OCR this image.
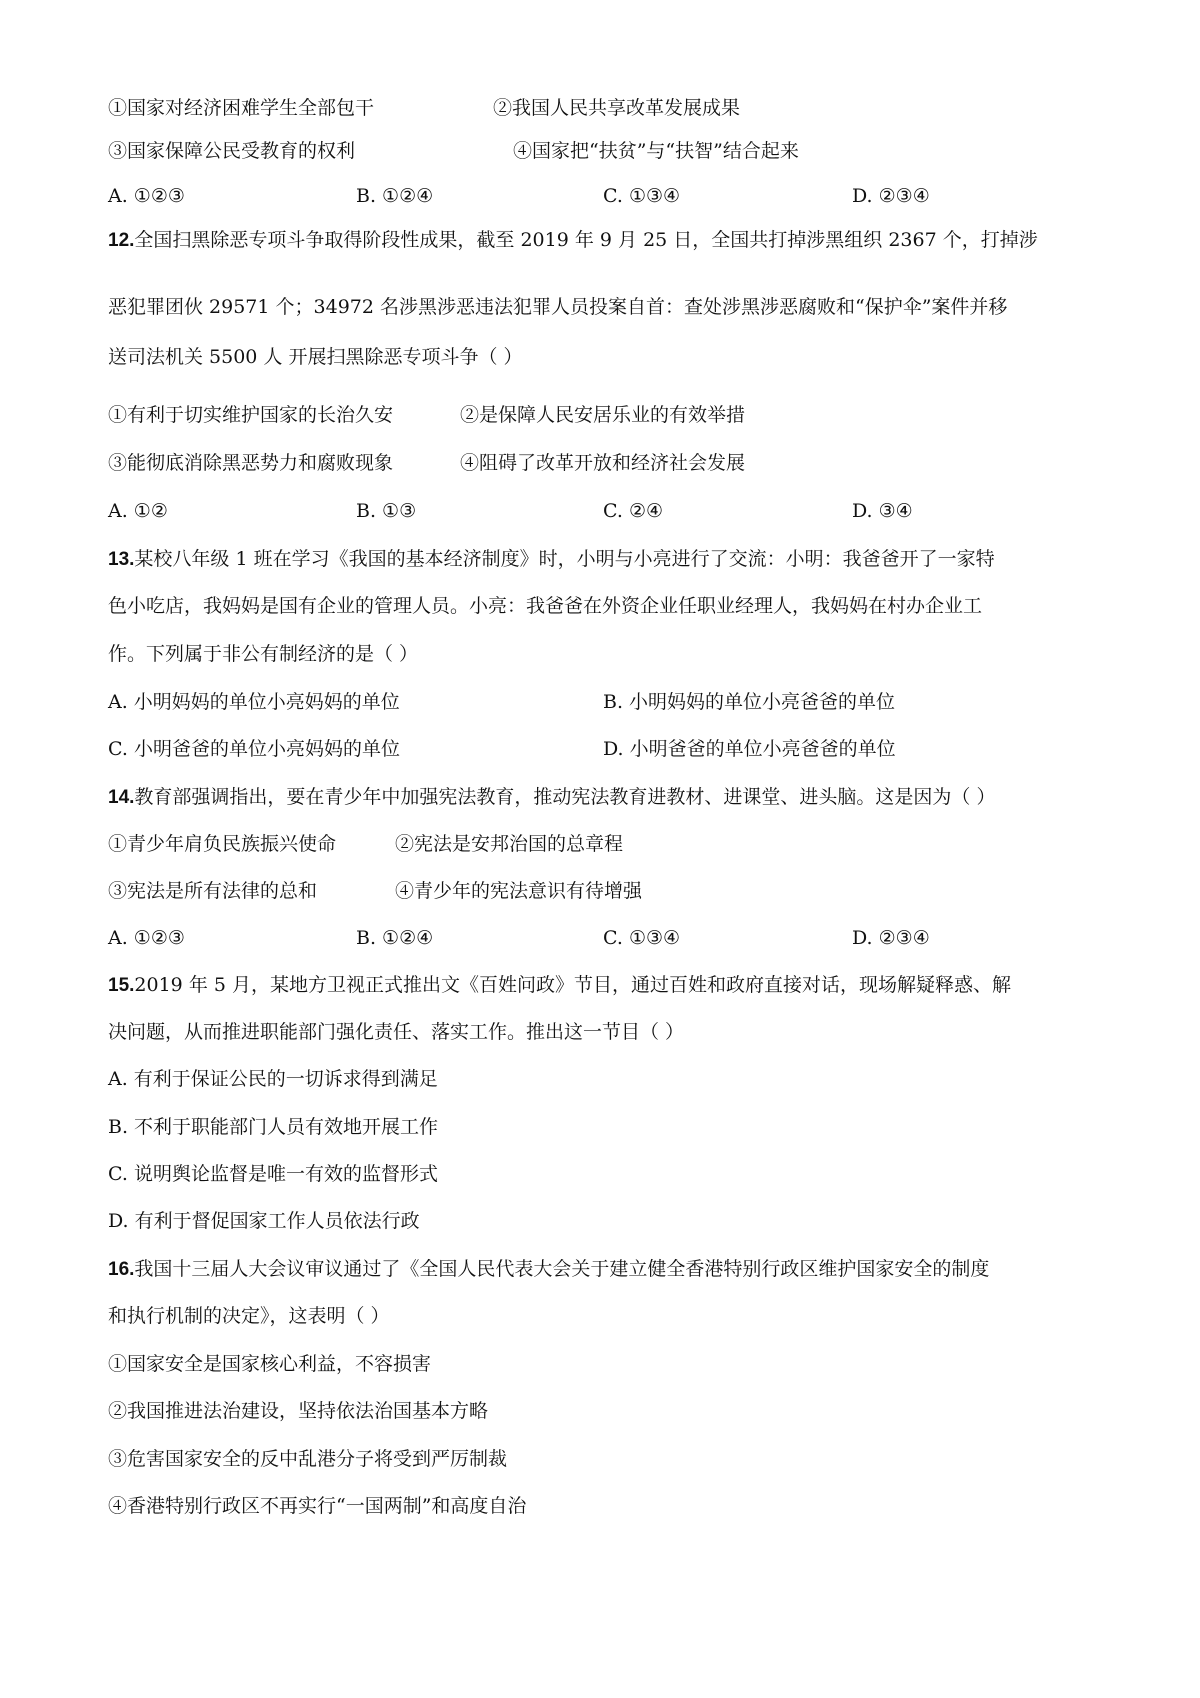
①国家对经济困难学生全部包干	②我国人民共享改革发展成果
③国家保障公民受教育的权利	④国家把“扶贫”与“扶智”结合起来
A. ①②③	B. ①②④	C. ①③④	D. ②③④
12.全国扫黑除恶专项斗争取得阶段性成果，截至 2019 年 9 月 25 日，全国共打掉涉黑组织 2367 个，打掉涉
恶犯罪团伙 29571 个；34972 名涉黑涉恶违法犯罪人员投案自首：查处涉黑涉恶腐败和“保护伞”案件并移
送司法机关 5500 人 开展扫黑除恶专项斗争（ ）
①有利于切实维护国家的长治久安	②是保障人民安居乐业的有效举措
③能彻底消除黑恶势力和腐败现象	④阻碍了改革开放和经济社会发展
A. ①②	B. ①③	C. ②④	D. ③④
13.某校八年级 1 班在学习《我国的基本经济制度》时，小明与小亮进行了交流：小明：我爸爸开了一家特
色小吃店，我妈妈是国有企业的管理人员。小亮：我爸爸在外资企业任职业经理人，我妈妈在村办企业工
作。下列属于非公有制经济的是（ ）
A. 小明妈妈的单位小亮妈妈的单位	B. 小明妈妈的单位小亮爸爸的单位
C. 小明爸爸的单位小亮妈妈的单位	D. 小明爸爸的单位小亮爸爸的单位
14.教育部强调指出，要在青少年中加强宪法教育，推动宪法教育进教材、进课堂、进头脑。这是因为（ ）
①青少年肩负民族振兴使命	②宪法是安邦治国的总章程
③宪法是所有法律的总和	④青少年的宪法意识有待增强
A. ①②③	B. ①②④	C. ①③④	D. ②③④
15.2019 年 5 月，某地方卫视正式推出文《百姓问政》节目，通过百姓和政府直接对话，现场解疑释惑、解
决问题，从而推进职能部门强化责任、落实工作。推出这一节目（ ）
A. 有利于保证公民的一切诉求得到满足
B. 不利于职能部门人员有效地开展工作
C. 说明舆论监督是唯一有效的监督形式
D. 有利于督促国家工作人员依法行政
16.我国十三届人大会议审议通过了《全国人民代表大会关于建立健全香港特别行政区维护国家安全的制度
和执行机制的决定》，这表明（ ）
①国家安全是国家核心利益，不容损害
②我国推进法治建设，坚持依法治国基本方略
③危害国家安全的反中乱港分子将受到严厉制裁
④香港特别行政区不再实行“一国两制”和高度自治
